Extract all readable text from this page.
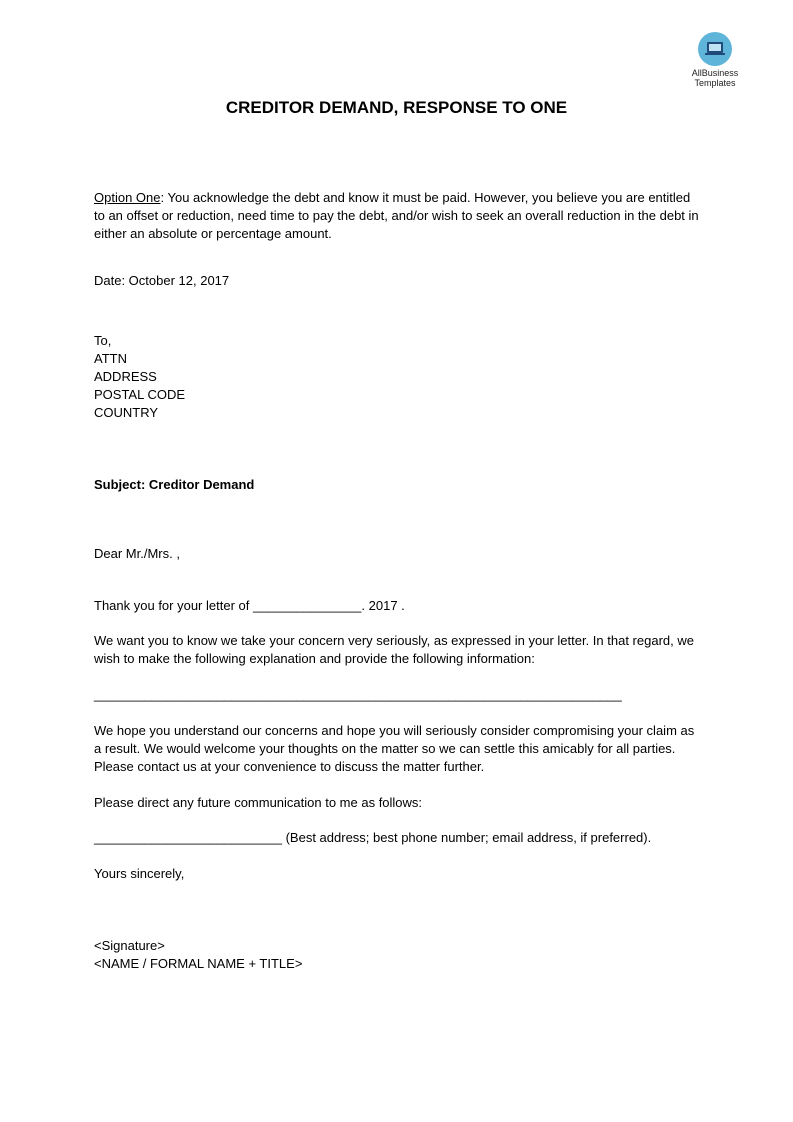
AllBusiness
Templates
CREDITOR DEMAND, RESPONSE TO ONE
Option One: You acknowledge the debt and know it must be paid. However, you believe you are entitled to an offset or reduction, need time to pay the debt, and/or wish to seek an overall reduction in the debt in either an absolute or percentage amount.
Date: October 12, 2017
To,
ATTN
ADDRESS
POSTAL CODE
COUNTRY
Subject: Creditor Demand
Dear Mr./Mrs. ,
Thank you for your letter of _______________. 2017 .
We want you to know we take your concern very seriously, as expressed in your letter. In that regard, we wish to make the following explanation and provide the following information:
_________________________________________________________________________
We hope you understand our concerns and hope you will seriously consider compromising your claim as a result. We would welcome your thoughts on the matter so we can settle this amicably for all parties. Please contact us at your convenience to discuss the matter further.
Please direct any future communication to me as follows:
__________________________ (Best address; best phone number; email address, if preferred).
Yours sincerely,
<Signature>
<NAME / FORMAL NAME + TITLE>
